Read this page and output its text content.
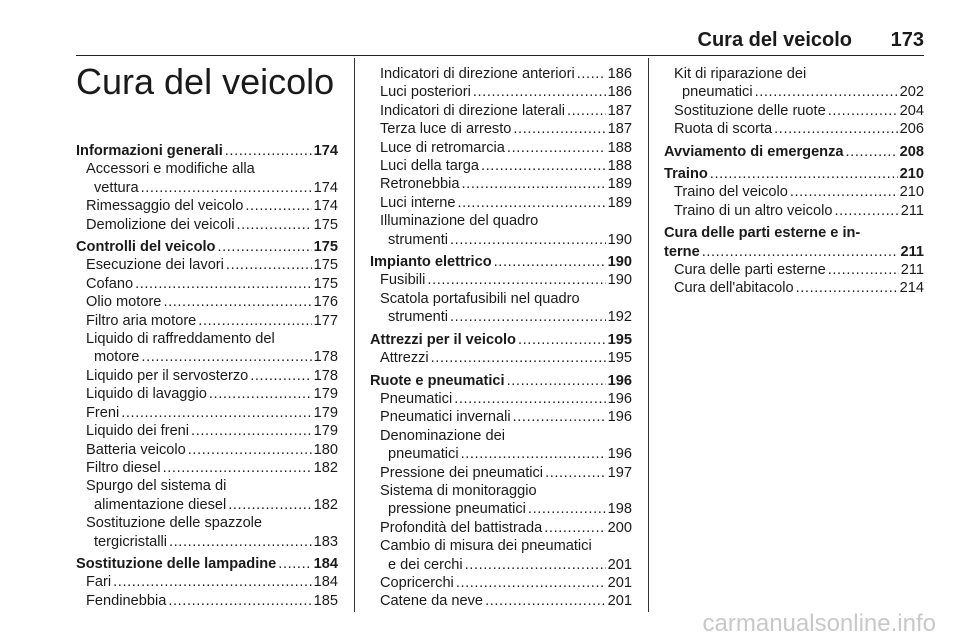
Cura del veicolo 173
Cura del veicolo
Informazioni generali .....	174
Accessori e modifiche alla
vettura .....	174
Rimessaggio del veicolo .....	174
Demolizione dei veicoli .....	175
Controlli del veicolo .....	175
Esecuzione dei lavori .....	175
Cofano .....	175
Olio motore .....	176
Filtro aria motore .....	177
Liquido di raffreddamento del
motore .....	178
Liquido per il servosterzo .....	178
Liquido di lavaggio .....	179
Freni .....	179
Liquido dei freni .....	179
Batteria veicolo .....	180
Filtro diesel .....	182
Spurgo del sistema di
alimentazione diesel .....	182
Sostituzione delle spazzole
tergicristalli .....	183
Sostituzione delle lampadine .....	184
Fari .....	184
Fendinebbia .....	185
Indicatori di direzione anteriori ..... 186
Luci posteriori .....	186
Indicatori di direzione laterali .....	187
Terza luce di arresto .....	187
Luce di retromarcia .....	188
Luci della targa .....	188
Retronebbia .....	189
Luci interne .....	189
Illuminazione del quadro
strumenti .....	190
Impianto elettrico .....	190
Fusibili .....	190
Scatola portafusibili nel quadro
strumenti .....	192
Attrezzi per il veicolo .....	195
Attrezzi .....	195
Ruote e pneumatici .....	196
Pneumatici .....	196
Pneumatici invernali .....	196
Denominazione dei
pneumatici .....	196
Pressione dei pneumatici .....	197
Sistema di monitoraggio
pressione pneumatici .....	198
Profondità del battistrada .....	200
Cambio di misura dei pneumatici
e dei cerchi .....	201
Copricerchi .....	201
Catene da neve .....	201
Kit di riparazione dei
pneumatici .....	202
Sostituzione delle ruote .....	204
Ruota di scorta .....	206
Avviamento di emergenza .....	208
Traino .....	210
Traino del veicolo .....	210
Traino di un altro veicolo .....	211
Cura delle parti esterne e in-
terne .....	211
Cura delle parti esterne .....	211
Cura dell'abitacolo .....	214
carmanualsonline.info
